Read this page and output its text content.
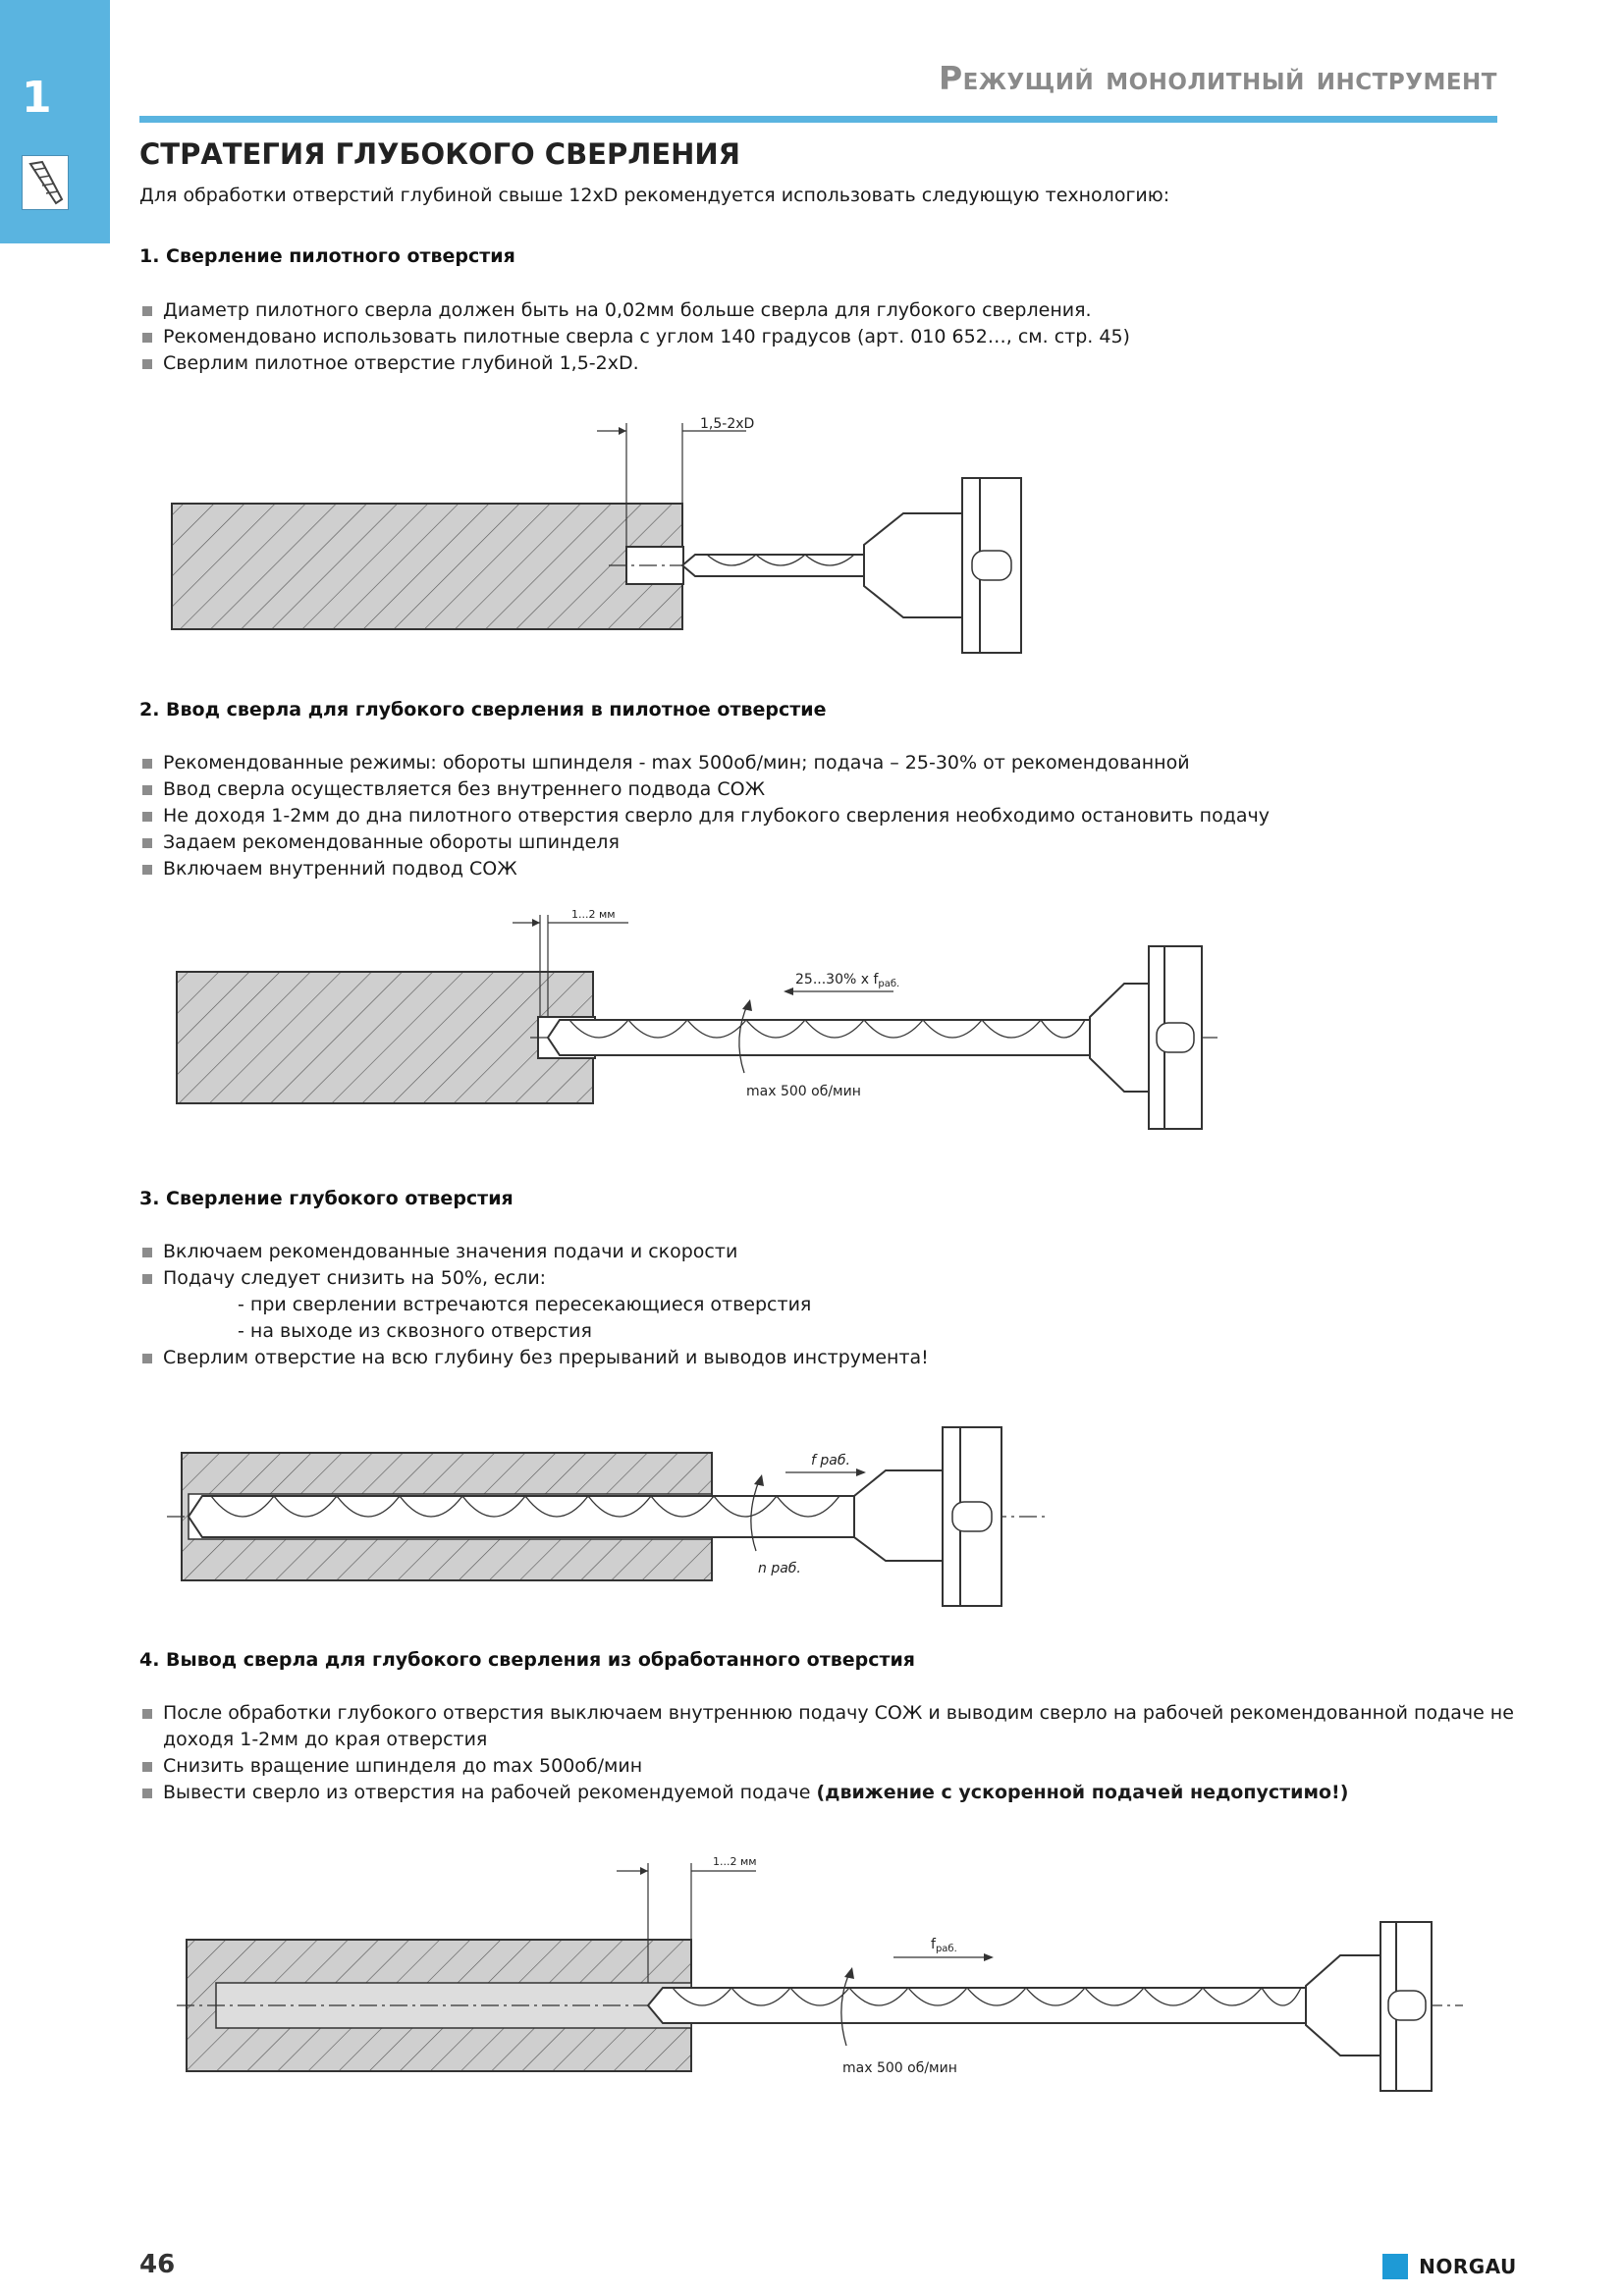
1	Режущий монолитный инструмент
СТРАТЕГИЯ ГЛУБОКОГО СВЕРЛЕНИЯ
Для обработки отверстий глубиной свыше 12xD рекомендуется использовать следующую технологию:
1. Сверление пилотного отверстия
Диаметр пилотного сверла должен быть на 0,02мм больше сверла для глубокого сверления.
Рекомендовано использовать пилотные сверла с углом 140 градусов (арт. 010 652…, см. стр. 45)
Сверлим пилотное отверстие глубиной 1,5-2xD.
1,5-2xD
2. Ввод сверла для глубокого сверления в пилотное отверстие
Рекомендованные режимы: обороты шпинделя - max 500об/мин; подача – 25-30% от рекомендованной
Ввод сверла осуществляется без внутреннего подвода СОЖ
Не доходя 1-2мм до дна пилотного отверстия сверло для глубокого сверления необходимо остановить подачу
Задаем рекомендованные обороты шпинделя
Включаем внутренний подвод СОЖ
1...2 мм
25...30% x $f_{раб.}$
max 500 об/мин
3. Сверление глубокого отверстия
Включаем рекомендованные значения подачи и скорости
Подачу следует снизить на 50%, если:
- при сверлении встречаются пересекающиеся отверстия
- на выходе из сквозного отверстия
Сверлим отверстие на всю глубину без прерываний и выводов инструмента!
f раб.
n раб.
4. Вывод сверла для глубокого сверления из обработанного отверстия
После обработки глубокого отверстия выключаем внутреннюю подачу СОЖ и выводим сверло на рабочей рекомендованной подаче не доходя 1-2мм до края отверстия
Снизить вращение шпинделя до max 500об/мин
Вывести сверло из отверстия на рабочей рекомендуемой подаче (движение с ускоренной подачей недопустимо!)
1...2 мм
$f_{раб.}$
max 500 об/мин
46	NORGAU
